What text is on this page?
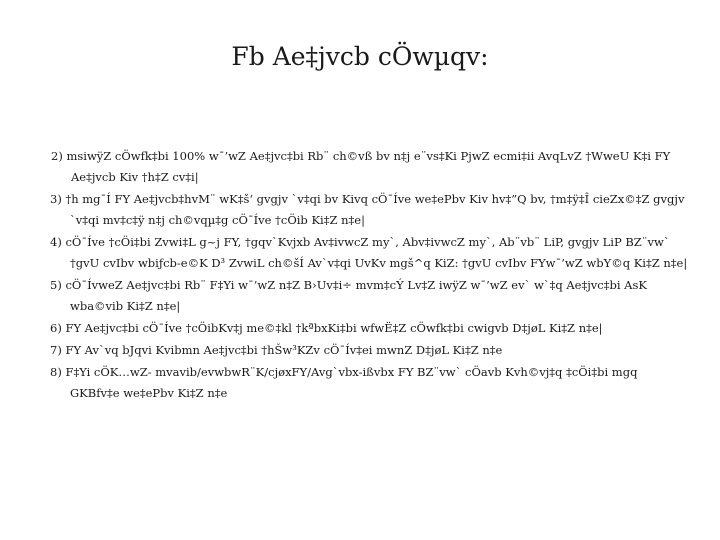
Fb Ae‡jvcb cÖwµqv:
2) msiwÿZ cÖwfk‡bi 100% w¯’wZ Ae‡jvc‡bi Rb¨ ch©vß bv n‡j e¨vs‡Ki PjwZ ecmi‡ii AvqLvZ †WweU K‡i FY Ae‡jvcb Kiv †h‡Z cv‡i|
3) †h mg¯Í FY Ae‡jvcb‡hvM¨ wK‡š‘ gvgjv `v‡qi bv Kivq cÖ¯Íve we‡ePbv Kiv hv‡”Q bv, †m‡ÿ‡Î cieZx©‡Z gvgjv `v‡qi mv‡c‡ÿ n‡j ch©vqµ‡g cÖ¯Íve †cÖib Ki‡Z n‡e|
4) cÖ¯Íve †cÖi‡bi Zvwi‡L g~j FY, †gqv`Kvjxb Av‡ivwcZ my`, Abv‡ivwcZ my`, Ab¨vb¨ LiP, gvgjv LiP BZ¨vw` †gvU cvIbv wbiƒcb-e©K D³ ZvwiL ch©šÍ Av`v‡qi UvKv mgš^q KiZ: †gvU cvIbv FYw¯’wZ wbY©q Ki‡Z n‡e|
5) cÖ¯ÍvweZ Ae‡jvc‡bi Rb¨ F‡Yi w¯’wZ n‡Z B›Uv‡i÷ mvm‡cÝ Lv‡Z iwÿZ w¯’wZ ev` w`‡q Ae‡jvc‡bi AsK wba©vib Ki‡Z n‡e|
6) FY Ae‡jvc‡bi cÖ¯Íve †cÖibKv‡j me©‡kl †kªbxKi‡bi wfwË‡Z cÖwfk‡bi cwigvb D‡jøL Ki‡Z n‡e|
7) FY Av`vq bJqvi Kvibmn Ae‡jvc‡bi †hŠw³KZv cÖ¯Ív‡ei mwnZ D‡jøL Ki‡Z n‡e
8) F‡Yi cÖK…wZ- mvavib/evwbwR¨K/cjøxFY/Avg`vbx-ißvbx FY BZ¨vw` cÖavb Kvh©vj‡q ‡cÖi‡bi mgq GKBfv‡e we‡ePbv Ki‡Z n‡e
